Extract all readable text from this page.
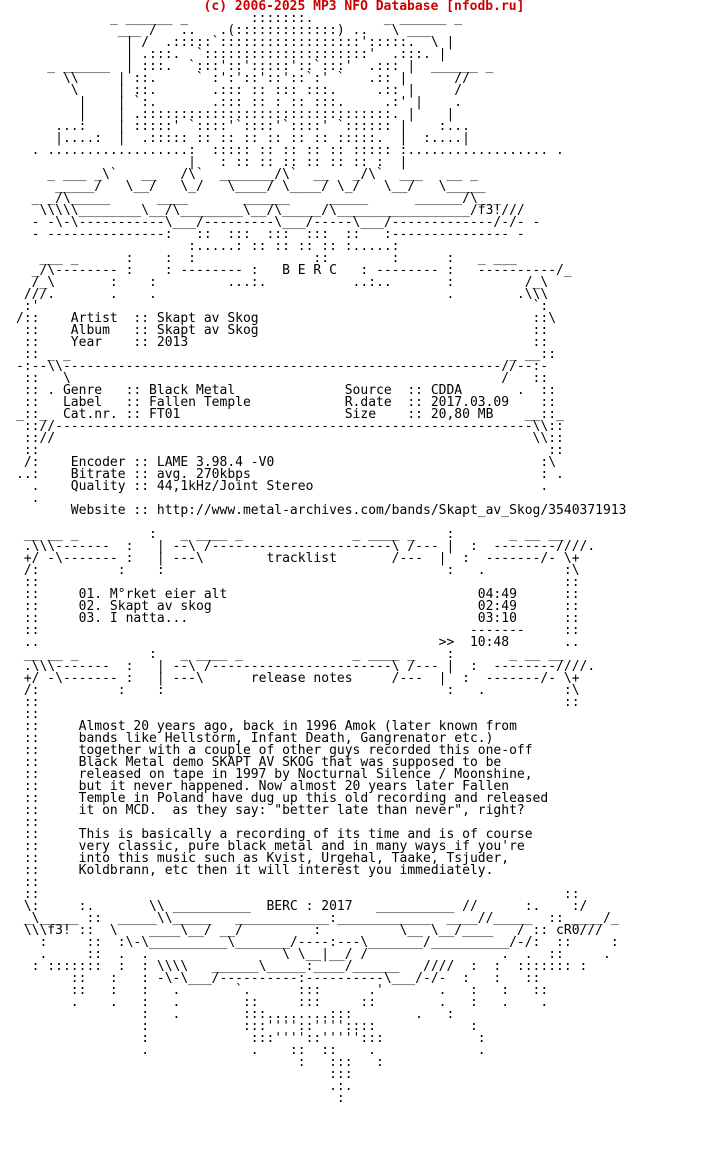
(c) 2006-2025 MP3 NFO Database [nfodb.ru]
_ ______ _        :::::::.         _ ______ _
___ /   ..   .(:::::::::::::) ..   \ ___
| /  .:::::`::::::::::::::::::':::::.  \ |
| .:::.  `:::::::::::::::::::::'  .:::. |
_ ______  | :::.  `:::'::':::::'::`:::'  .::: |  ______ _
\\     | ::.     ` :':'::'::'::`:' `   .:: |      //
\     | ::.       .::: :: ::: :::.     .:: |     /
|    | `:.       .::: :: : :: :::.     .:' |    .
|    | .::::::::::::::::::::::::::::::::. |    |
...:    | :::::' `::::'`::::'`::::' `:::::: |    :...
|....:  |  .::::: :: :: :: :: :: :: :::::.  |  :....|
. ..................:  ::::: :: :: :: :: ::::: :.................. .
|   : :: :: :: :: :: :: :  |
_ ___ _\`   __   /\`  _______/\`  __   _/\`  ___   __ _
_____/   \__/   \_/   \____/ \____/ \_/   \__/   \_____
_ _/\_____      ____       ______     _____      ______/\_ _
\\\\\________\__/\________\__/\_____/\_________________/f3!///
- -\-\-----------\___/---------\___/-----\___/-------------/-/- -
- ---------------:   ::  :::  :::  :::  ::   :--------------- -
:.....: :: :: :: :: :.....:
___ _      :    :  :               ::        :      :   _ ___
_/\-------- :    : -------- :   B E R C   : -------- :   ----------/_
/_\       :    :         ...:.           ..:..       :         /_\
///.       .    .                                     .        .\\\
:'                                                               `:
/::    Artist  :: Skapt av Skog                                   ::\
::    Album   :: Skapt av Skog                                   ::
::    Year    :: 2013                                            ::
:: _ _                                                        _ __::
-:--\\--------------------------------------------------------//--:-
::   \                                                       /   ::
:: . Genre   :: Black Metal              Source  :: CDDA       .  ::
::   Label   :: Fallen Temple            R.date  :: 2017.03.09    ::
_::_  Cat.nr. :: FT01                     Size    :: 20,80 MB    __::_
:://-------------------------------------------------------------\\::
:://                                                             \\::
::                                                                 ::
/:    Encoder :: LAME 3.98.4 -V0                                  :\
..:    Bitrate :: avg. 270kbps                                     : .
.    Quality :: 44,1kHz/Joint Stereo                             .
.
Website :: http://www.metal-archives.com/bands/Skapt_av_Skog/3540371913
__ __ _         :   _ ____ _              _ ____ _    :       _ __ __
.\\\-------  :   | --\ /-----------------------\ /--- |  :  --------////.
+/ -\------- :   | ---\        tracklist       /---  |  :  -------/- \+
/:          :    :                                    :   .          :\
::                                                                   ::
::     01. M°rket eier alt                                04:49      ::
::     02. Skapt av skog                                  02:49      ::
::     03. I natta...                                     03:10      ::
::                                                       -------     ::
..                                                   >>  10:48       ..
__ __ _         :   _ ____ _              _ ____ _    :       _ __ __
.\\\-------  :   | --\ /-----------------------\ /--- |  :  --------////.
+/ -\------- :   | ---\      release notes     /---  |  :  -------/- \+
/:          :    :                                    :   .          :\
::                                                                   ::
::
::     Almost 20 years ago, back in 1996 Amok (later known from
::     bands like Hellstorm, Infant Death, Gangrenator etc.)
::     together with a couple of other guys recorded this one-off
::     Black Metal demo SKAPT AV SKOG that was supposed to be
::     released on tape in 1997 by Nocturnal Silence / Moonshine,
::     but it never happened. Now almost 20 years later Fallen
::     Temple in Poland have dug up this old recording and released
::     it on MCD.  as they say: "better late than never", right?
::
::     This is basically a recording of its time and is of course
::     very classic, pure black metal and in many ways if you're
::     into this music such as Kvist, Urgehal, Taake, Tsjuder,
::     Koldbrann, etc then it will interest you immediately.
::
::                                                                   ::
\:     :.       \\ __________  BERC : 2017   __________ //      :.    :/
_\_____ ::  _____\\_____   ____________:____________  ____//_____  :: ____/_
\\\f3! ::  \    ____\__/ __/         :          \__ \__/____   / :: cR0///
:     ::  :\-\__________\_______/----:---\_______/__________/-/:  ::     :
.     ::  .  .                 \ \__|__/ /                 .  .  ::     .
: :::::::  :  : \\\\   ______\_____:____/______   ////  :  :  ::::::: :
::   :   : -\-\___/----------:----------\___/-/-  :   :   ::
::   :   :   .       `.      :::      .'       .   :   :   ::
.    .   :   .        ::     :::     ::        .   :   .    .
:   .        :::........:::        .   :
:            :::''''::''''::::            :
:             :::''''::''''':::            :
.             .    ::  ::    .             .
:   :::   :
:::
.:.
:
